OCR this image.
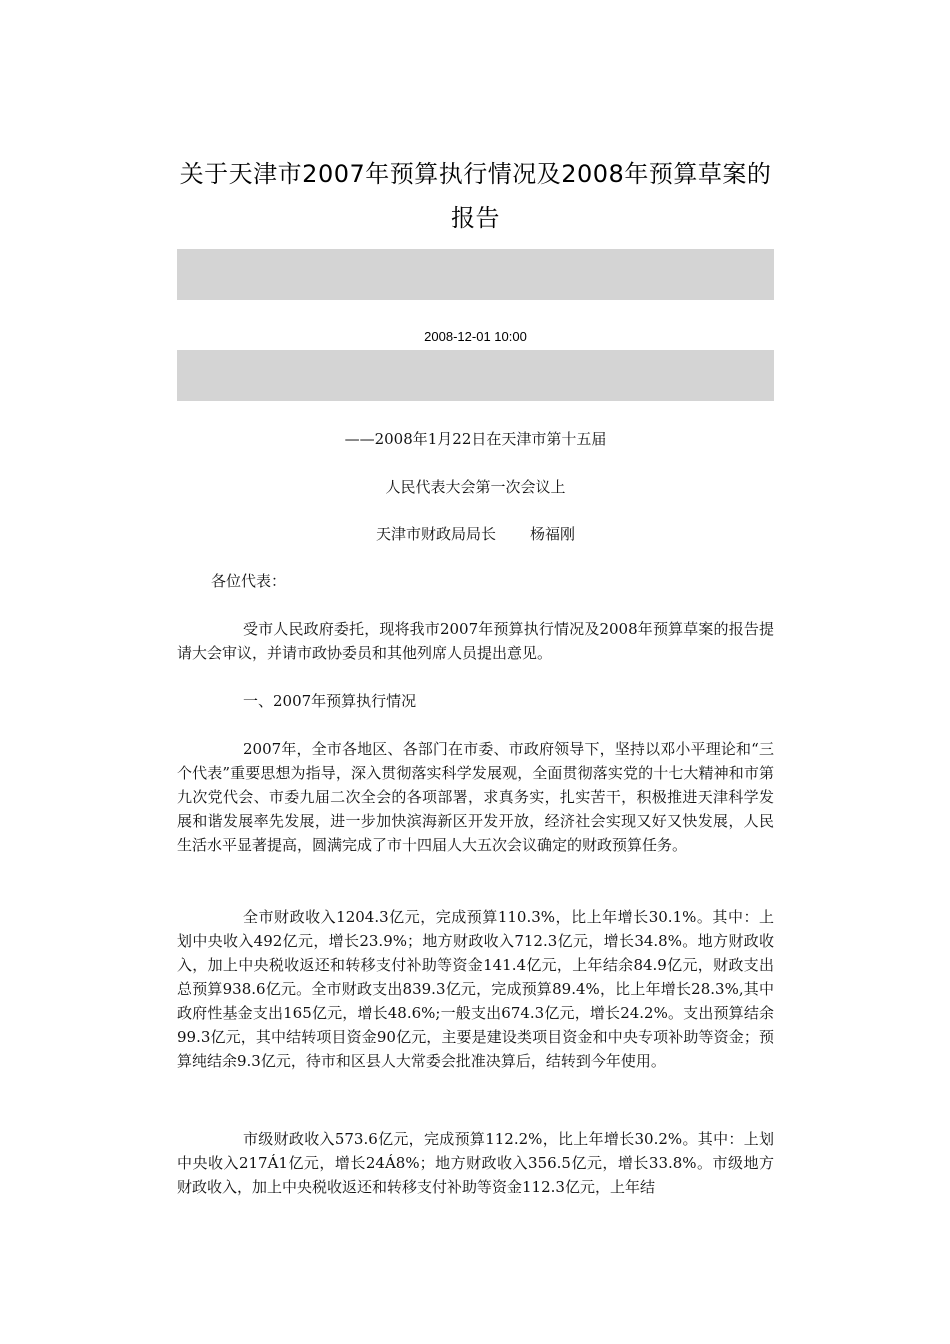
关于天津市2007年预算执行情况及2008年预算草案的报告
2008-12-01 10:00
——2008年1月22日在天津市第十五届
人民代表大会第一次会议上
天津市财政局局长 杨福刚

各位代表：

受市人民政府委托，现将我市2007年预算执行情况及2008年预算草案的报告提请大会审议，并请市政协委员和其他列席人员提出意见。

一、2007年预算执行情况

2007年，全市各地区、各部门在市委、市政府领导下，坚持以邓小平理论和“三个代表”重要思想为指导，深入贯彻落实科学发展观，全面贯彻落实党的十七大精神和市第九次党代会、市委九届二次全会的各项部署，求真务实，扎实苦干，积极推进天津科学发展和谐发展率先发展，进一步加快滨海新区开发开放，经济社会实现又好又快发展，人民生活水平显著提高，圆满完成了市十四届人大五次会议确定的财政预算任务。

全市财政收入1204.3亿元，完成预算110.3%，比上年增长30.1%。其中：上划中央收入492亿元，增长23.9%；地方财政收入712.3亿元，增长34.8%。地方财政收入，加上中央税收返还和转移支付补助等资金141.4亿元，上年结余84.9亿元，财政支出总预算938.6亿元。全市财政支出839.3亿元，完成预算89.4%，比上年增长28.3%,其中政府性基金支出165亿元，增长48.6%;一般支出674.3亿元，增长24.2%。支出预算结余99.3亿元，其中结转项目资金90亿元，主要是建设类项目资金和中央专项补助等资金；预算纯结余9.3亿元，待市和区县人大常委会批准决算后，结转到今年使用。

市级财政收入573.6亿元，完成预算112.2%，比上年增长30.2%。其中：上划中央收入217Á1亿元，增长24Á8%；地方财政收入356.5亿元，增长33.8%。市级地方财政收入，加上中央税收返还和转移支付补助等资金112.3亿元，上年结
